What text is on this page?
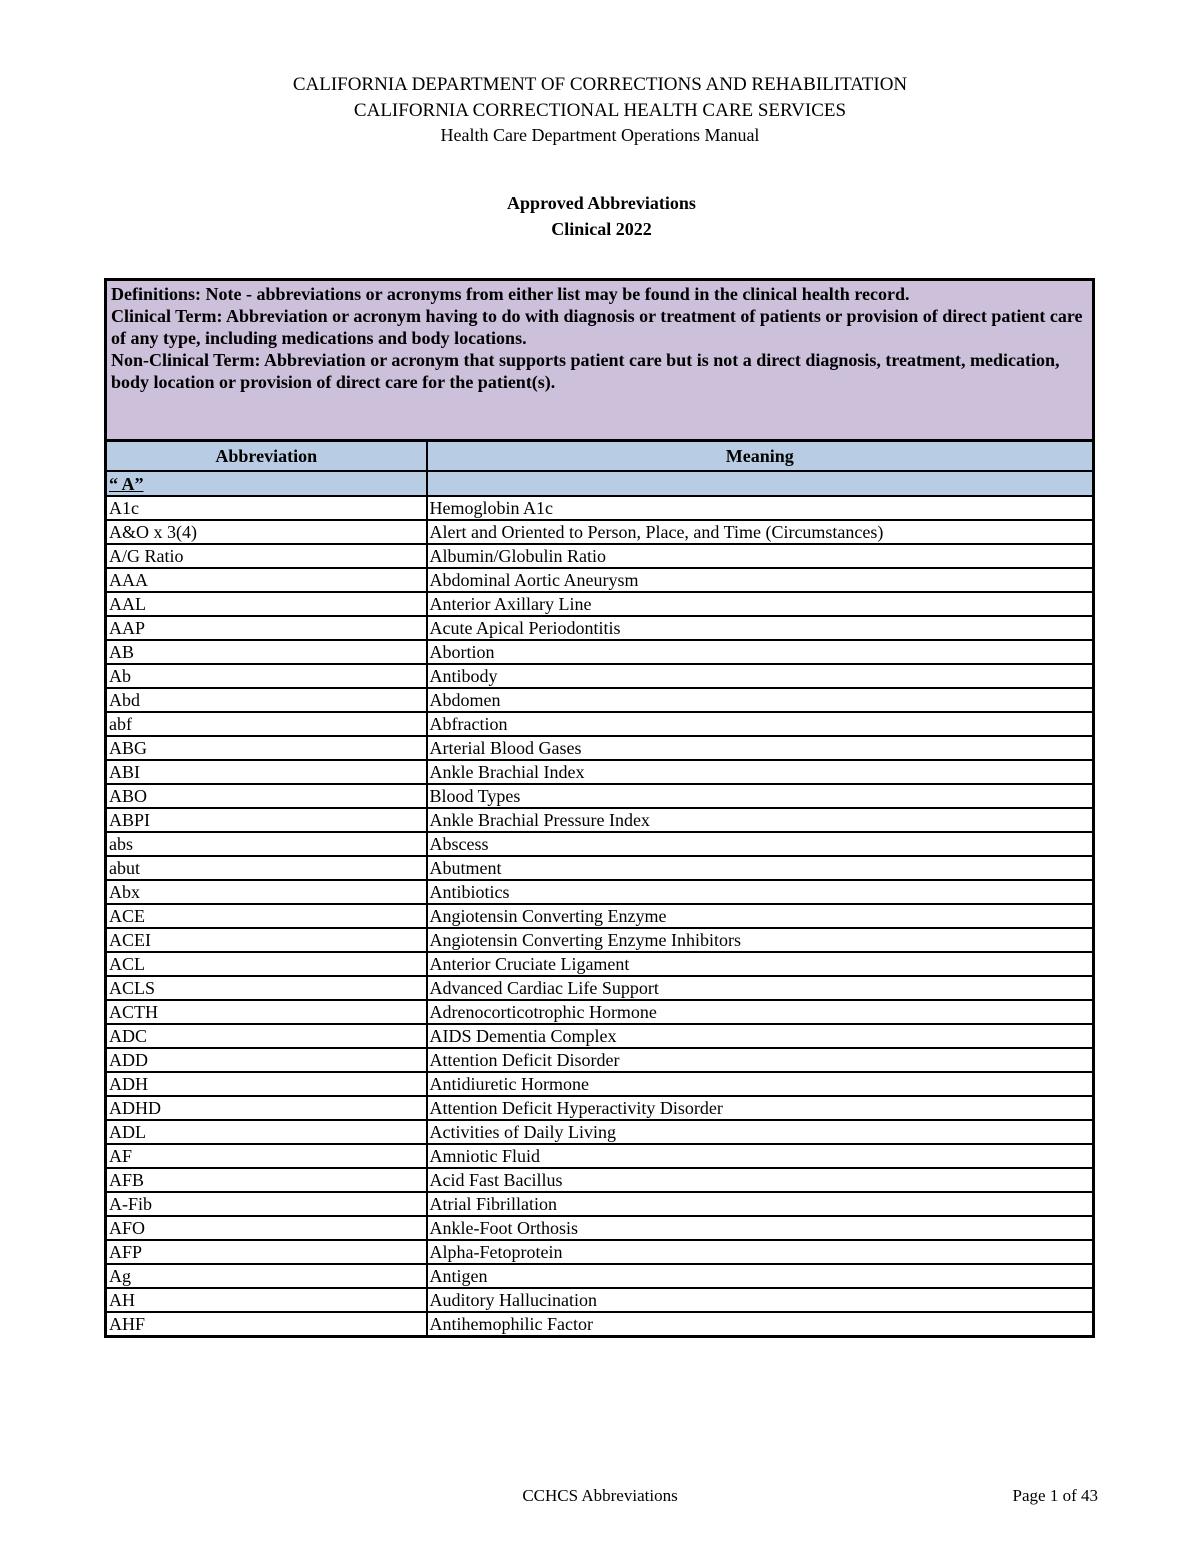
CALIFORNIA DEPARTMENT OF CORRECTIONS AND REHABILITATION
CALIFORNIA CORRECTIONAL HEALTH CARE SERVICES
Health Care Department Operations Manual
Approved Abbreviations
Clinical 2022
Definitions: Note - abbreviations or acronyms from either list may be found in the clinical health record.
Clinical Term: Abbreviation or acronym having to do with diagnosis or treatment of patients or provision of direct patient care of any type, including medications and body locations.
Non-Clinical Term: Abbreviation or acronym that supports patient care but is not a direct diagnosis, treatment, medication, body location or provision of direct care for the patient(s).	

Abbreviation	Meaning
“ A”	
A1c	Hemoglobin A1c
A&O x 3(4)	Alert and Oriented to Person, Place, and Time (Circumstances)
A/G Ratio	Albumin/Globulin Ratio
AAA	Abdominal Aortic Aneurysm
AAL	Anterior Axillary Line
AAP	Acute Apical Periodontitis
AB	Abortion
Ab	Antibody
Abd	Abdomen
abf	Abfraction
ABG	Arterial Blood Gases
ABI	Ankle Brachial Index
ABO	Blood Types
ABPI	Ankle Brachial Pressure Index
abs	Abscess
abut	Abutment
Abx	Antibiotics
ACE	Angiotensin Converting Enzyme
ACEI	Angiotensin Converting Enzyme Inhibitors
ACL	Anterior Cruciate Ligament
ACLS	Advanced Cardiac Life Support
ACTH	Adrenocorticotrophic Hormone
ADC	AIDS Dementia Complex
ADD	Attention Deficit Disorder
ADH	Antidiuretic Hormone
ADHD	Attention Deficit Hyperactivity Disorder
ADL	Activities of Daily Living
AF	Amniotic Fluid
AFB	Acid Fast Bacillus
A-Fib	Atrial Fibrillation
AFO	Ankle-Foot Orthosis
AFP	Alpha-Fetoprotein
Ag	Antigen
AH	Auditory Hallucination
AHF	Antihemophilic Factor
CCHCS Abbreviations	Page 1 of 43
